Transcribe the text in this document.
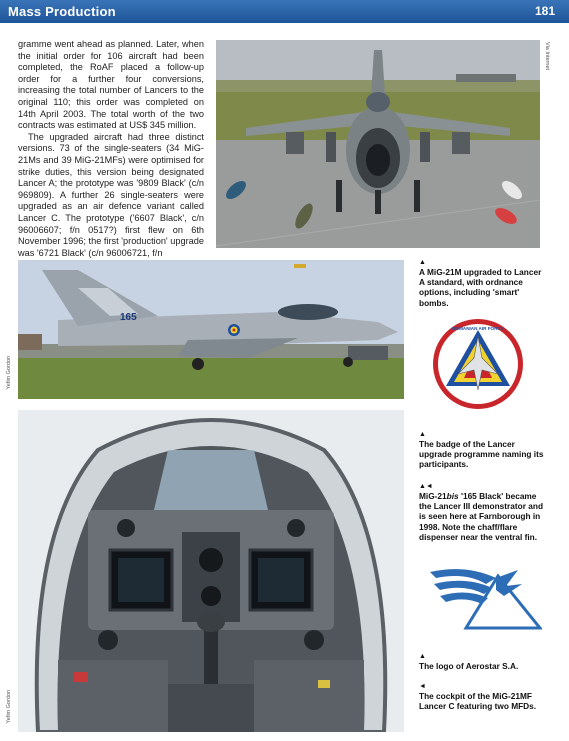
Mass Production	181

gramme went ahead as planned. Later, when the initial order for 106 aircraft had been completed, the RoAF placed a follow-up order for a further four conversions, increasing the total number of Lancers to the original 110; this order was completed on 14th April 2003. The total worth of the two contracts was estimated at US$ 345 million.

The upgraded aircraft had three distinct versions. 73 of the single-seaters (34 MiG-21Ms and 39 MiG-21MFs) were optimised for strike duties, this version being designated Lancer A; the prototype was '9809 Black' (c/n 969809). A further 26 single-seaters were upgraded as an air defence variant called Lancer C. The prototype ('6607 Black', c/n 96006607; f/n 0517?) first flew on 6th November 1996; the first 'production' upgrade was '6721 Black' (c/n 96006721, f/n

Via Internet
165
Yefim Gordon
Yefim Gordon
ROMANIAN AIR FORCE
▲
A MiG-21M upgraded to Lancer A standard, with ordnance options, including 'smart' bombs.
▲
The badge of the Lancer upgrade programme naming its participants.
▲◄
MiG-21bis '165 Black' became the Lancer III demonstrator and is seen here at Farnborough in 1998. Note the chaff/flare dispenser near the ventral fin.
▲
The logo of Aerostar S.A.
◄
The cockpit of the MiG-21MF Lancer C featuring two MFDs.
